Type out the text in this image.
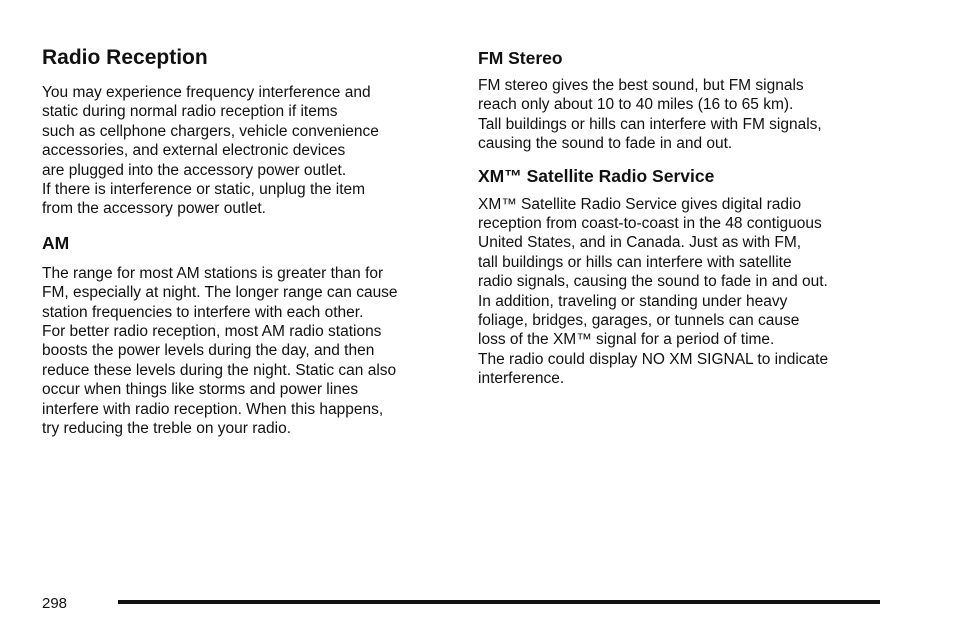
Radio Reception

You may experience frequency interference and
static during normal radio reception if items
such as cellphone chargers, vehicle convenience
accessories, and external electronic devices
are plugged into the accessory power outlet.
If there is interference or static, unplug the item
from the accessory power outlet.

AM

The range for most AM stations is greater than for
FM, especially at night. The longer range can cause
station frequencies to interfere with each other.
For better radio reception, most AM radio stations
boosts the power levels during the day, and then
reduce these levels during the night. Static can also
occur when things like storms and power lines
interfere with radio reception. When this happens,
try reducing the treble on your radio.

FM Stereo

FM stereo gives the best sound, but FM signals
reach only about 10 to 40 miles (16 to 65 km).
Tall buildings or hills can interfere with FM signals,
causing the sound to fade in and out.

XM™ Satellite Radio Service

XM™ Satellite Radio Service gives digital radio
reception from coast-to-coast in the 48 contiguous
United States, and in Canada. Just as with FM,
tall buildings or hills can interfere with satellite
radio signals, causing the sound to fade in and out.
In addition, traveling or standing under heavy
foliage, bridges, garages, or tunnels can cause
loss of the XM™ signal for a period of time.
The radio could display NO XM SIGNAL to indicate
interference.

298
